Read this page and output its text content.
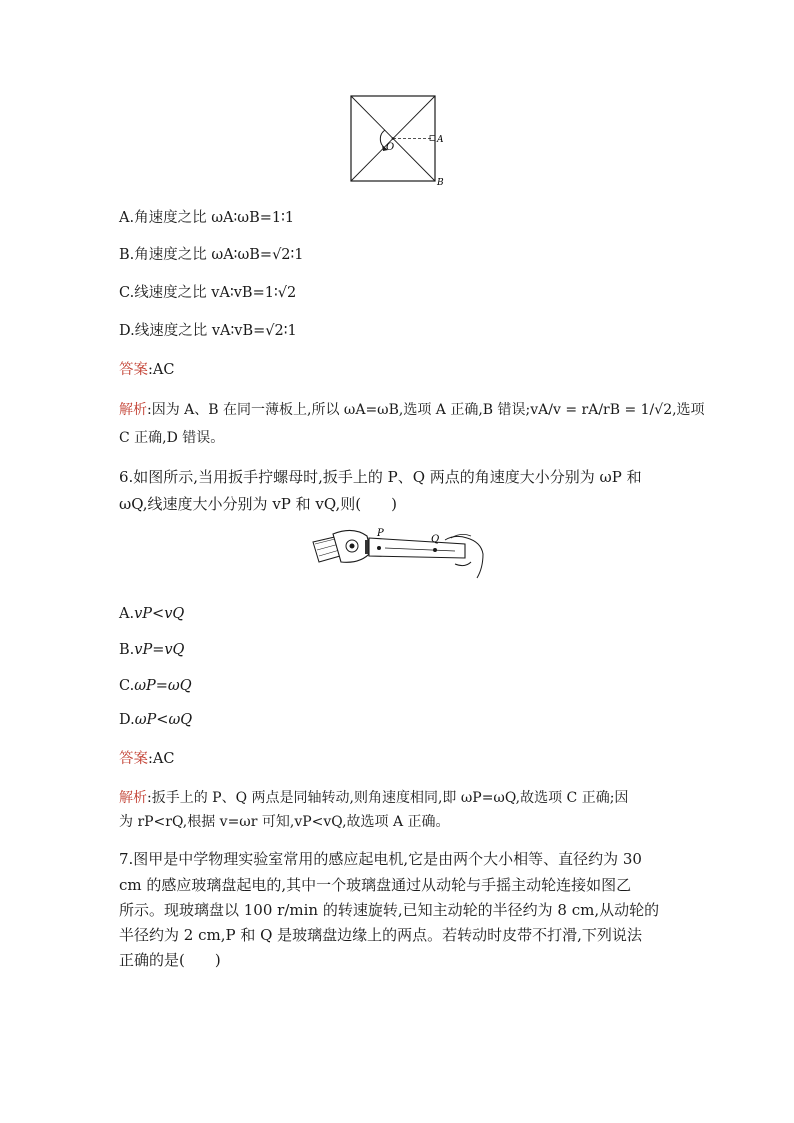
O
A
B
A.角速度之比 ωA∶ωB=1∶1
B.角速度之比 ωA∶ωB=√2∶1
C.线速度之比 vA∶vB=1∶√2
D.线速度之比 vA∶vB=√2∶1
答案:AC
解析:因为 A、B 在同一薄板上,所以 ωA=ωB,选项 A 正确,B 错误;vA/v = rA/rB = 1/√2,选项
C 正确,D 错误。
6.如图所示,当用扳手拧螺母时,扳手上的 P、Q 两点的角速度大小分别为 ωP 和
ωQ,线速度大小分别为 vP 和 vQ,则(　　)
P
Q
A.vP<vQ
B.vP=vQ
C.ωP=ωQ
D.ωP<ωQ
答案:AC
解析:扳手上的 P、Q 两点是同轴转动,则角速度相同,即 ωP=ωQ,故选项 C 正确;因
为 rP<rQ,根据 v=ωr 可知,vP<vQ,故选项 A 正确。
7.图甲是中学物理实验室常用的感应起电机,它是由两个大小相等、直径约为 30
cm 的感应玻璃盘起电的,其中一个玻璃盘通过从动轮与手摇主动轮连接如图乙
所示。现玻璃盘以 100 r/min 的转速旋转,已知主动轮的半径约为 8 cm,从动轮的
半径约为 2 cm,P 和 Q 是玻璃盘边缘上的两点。若转动时皮带不打滑,下列说法
正确的是(　　)
